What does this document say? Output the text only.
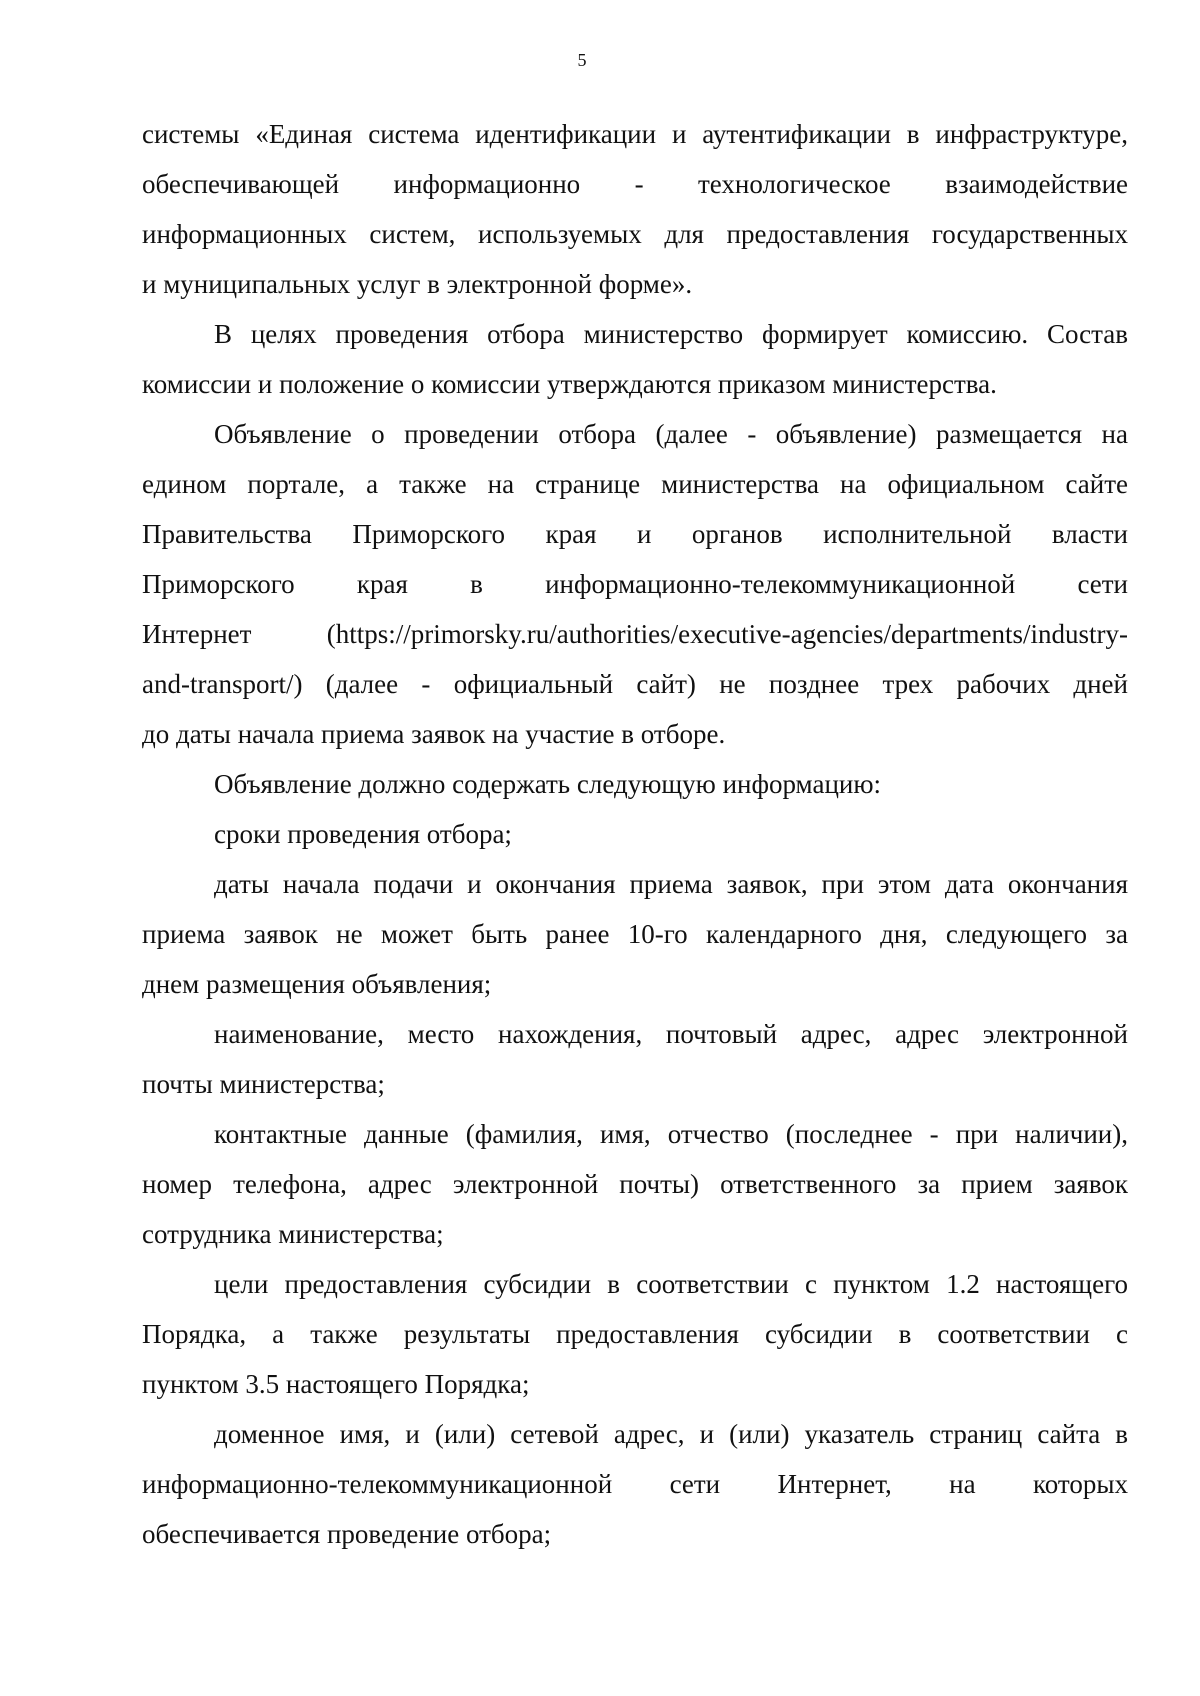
5
системы «Единая система идентификации и аутентификации в инфраструктуре,
обеспечивающей информационно - технологическое взаимодействие
информационных систем, используемых для предоставления государственных
и муниципальных услуг в электронной форме».
В целях проведения отбора министерство формирует комиссию. Состав
комиссии и положение о комиссии утверждаются приказом министерства.
Объявление о проведении отбора (далее - объявление) размещается на
едином портале, а также на странице министерства на официальном сайте
Правительства Приморского края и органов исполнительной власти
Приморского края в информационно-телекоммуникационной сети
Интернет (https://primorsky.ru/authorities/executive-agencies/departments/industry-
and-transport/) (далее - официальный сайт) не позднее трех рабочих дней
до даты начала приема заявок на участие в отборе.
Объявление должно содержать следующую информацию:
сроки проведения отбора;
даты начала подачи и окончания приема заявок, при этом дата окончания
приема заявок не может быть ранее 10-го календарного дня, следующего за
днем размещения объявления;
наименование, место нахождения, почтовый адрес, адрес электронной
почты министерства;
контактные данные (фамилия, имя, отчество (последнее - при наличии),
номер телефона, адрес электронной почты) ответственного за прием заявок
сотрудника министерства;
цели предоставления субсидии в соответствии с пунктом 1.2 настоящего
Порядка, а также результаты предоставления субсидии в соответствии с
пунктом 3.5 настоящего Порядка;
доменное имя, и (или) сетевой адрес, и (или) указатель страниц сайта в
информационно-телекоммуникационной сети Интернет, на которых
обеспечивается проведение отбора;
